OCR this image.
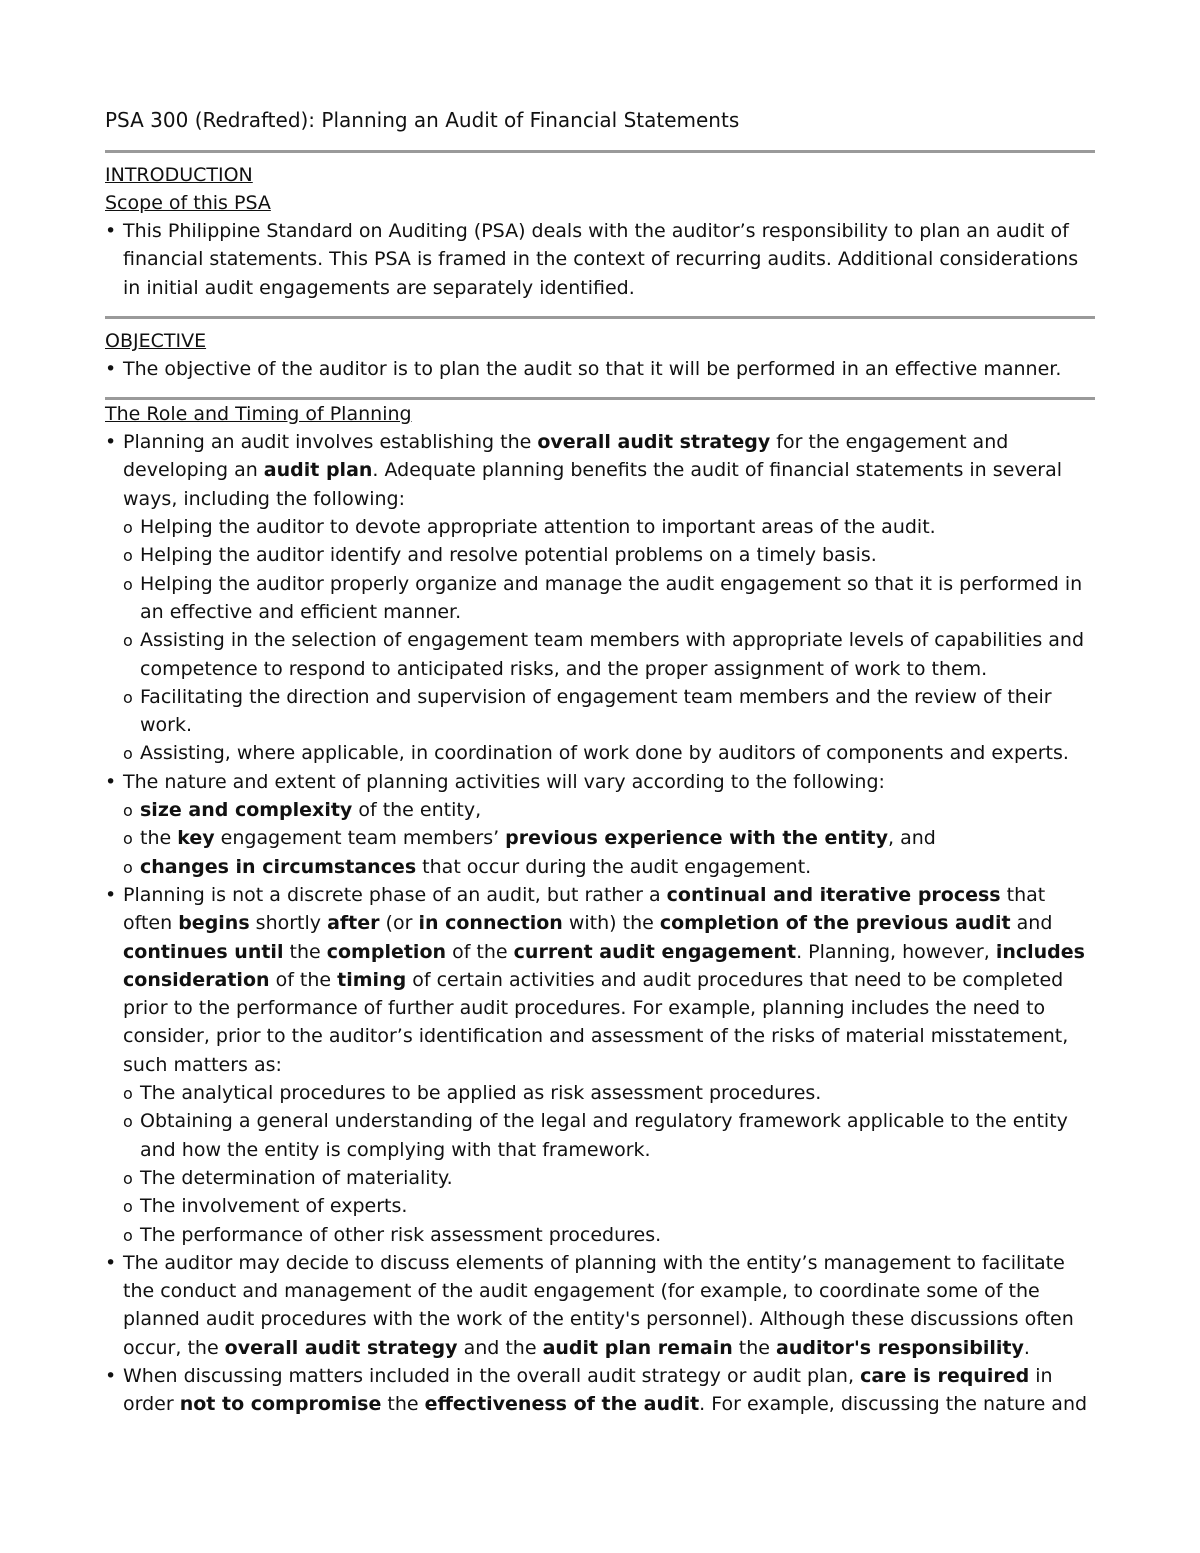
PSA 300 (Redrafted): Planning an Audit of Financial Statements
INTRODUCTION
Scope of this PSA
• This Philippine Standard on Auditing (PSA) deals with the auditor’s responsibility to plan an audit of financial statements. This PSA is framed in the context of recurring audits. Additional considerations in initial audit engagements are separately identified.
OBJECTIVE
• The objective of the auditor is to plan the audit so that it will be performed in an effective manner.
The Role and Timing of Planning
• Planning an audit involves establishing the overall audit strategy for the engagement and developing an audit plan. Adequate planning benefits the audit of financial statements in several ways, including the following:
o Helping the auditor to devote appropriate attention to important areas of the audit.
o Helping the auditor identify and resolve potential problems on a timely basis.
o Helping the auditor properly organize and manage the audit engagement so that it is performed in an effective and efficient manner.
o Assisting in the selection of engagement team members with appropriate levels of capabilities and competence to respond to anticipated risks, and the proper assignment of work to them.
o Facilitating the direction and supervision of engagement team members and the review of their work.
o Assisting, where applicable, in coordination of work done by auditors of components and experts.
• The nature and extent of planning activities will vary according to the following:
o size and complexity of the entity,
o the key engagement team members’ previous experience with the entity, and
o changes in circumstances that occur during the audit engagement.
• Planning is not a discrete phase of an audit, but rather a continual and iterative process that often begins shortly after (or in connection with) the completion of the previous audit and continues until the completion of the current audit engagement. Planning, however, includes consideration of the timing of certain activities and audit procedures that need to be completed prior to the performance of further audit procedures. For example, planning includes the need to consider, prior to the auditor’s identification and assessment of the risks of material misstatement, such matters as:
o The analytical procedures to be applied as risk assessment procedures.
o Obtaining a general understanding of the legal and regulatory framework applicable to the entity and how the entity is complying with that framework.
o The determination of materiality.
o The involvement of experts.
o The performance of other risk assessment procedures.
• The auditor may decide to discuss elements of planning with the entity’s management to facilitate the conduct and management of the audit engagement (for example, to coordinate some of the planned audit procedures with the work of the entity's personnel). Although these discussions often occur, the overall audit strategy and the audit plan remain the auditor's responsibility.
• When discussing matters included in the overall audit strategy or audit plan, care is required in order not to compromise the effectiveness of the audit. For example, discussing the nature and
